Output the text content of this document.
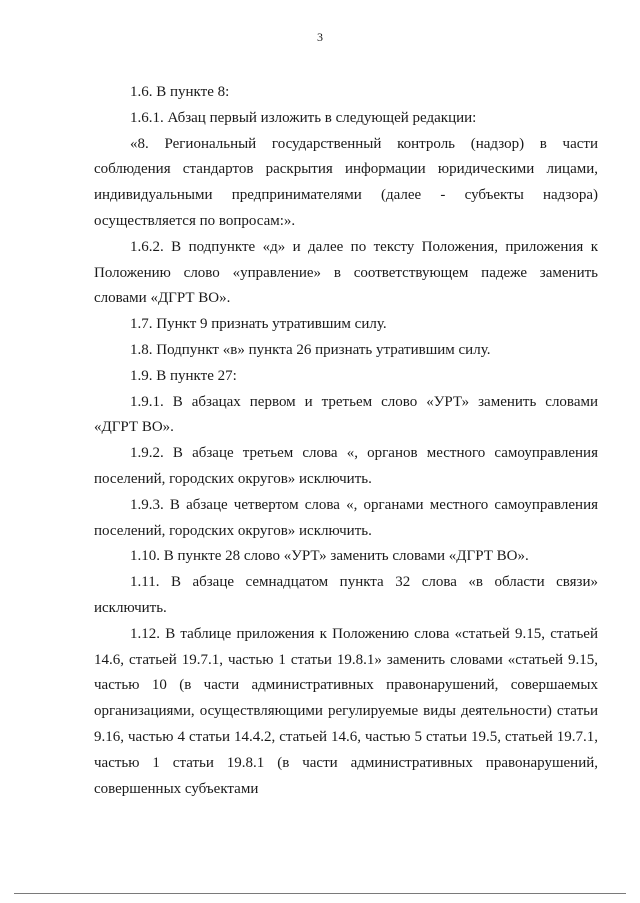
3

1.6. В пункте 8:

1.6.1. Абзац первый изложить в следующей редакции:

«8. Региональный государственный контроль (надзор) в части соблюдения стандартов раскрытия информации юридическими лицами, индивидуальными предпринимателями (далее - субъекты надзора) осуществляется по вопросам:».

1.6.2. В подпункте «д» и далее по тексту Положения, приложения к Положению слово «управление» в соответствующем падеже заменить словами «ДГРТ ВО».

1.7. Пункт 9 признать утратившим силу.

1.8. Подпункт «в» пункта 26 признать утратившим силу.

1.9. В пункте 27:

1.9.1. В абзацах первом и третьем слово «УРТ» заменить словами «ДГРТ ВО».

1.9.2. В абзаце третьем слова «, органов местного самоуправления поселений, городских округов» исключить.

1.9.3. В абзаце четвертом слова «, органами местного самоуправления поселений, городских округов» исключить.

1.10. В пункте 28 слово «УРТ» заменить словами «ДГРТ ВО».

1.11. В абзаце семнадцатом пункта 32 слова «в области связи» исключить.

1.12. В таблице приложения к Положению слова «статьей 9.15, статьей 14.6, статьей 19.7.1, частью 1 статьи 19.8.1» заменить словами «статьей 9.15, частью 10 (в части административных правонарушений, совершаемых организациями, осуществляющими регулируемые виды деятельности) статьи 9.16, частью 4 статьи 14.4.2, статьей 14.6, частью 5 статьи 19.5, статьей 19.7.1, частью 1 статьи 19.8.1 (в части административных правонарушений, совершенных субъектами
